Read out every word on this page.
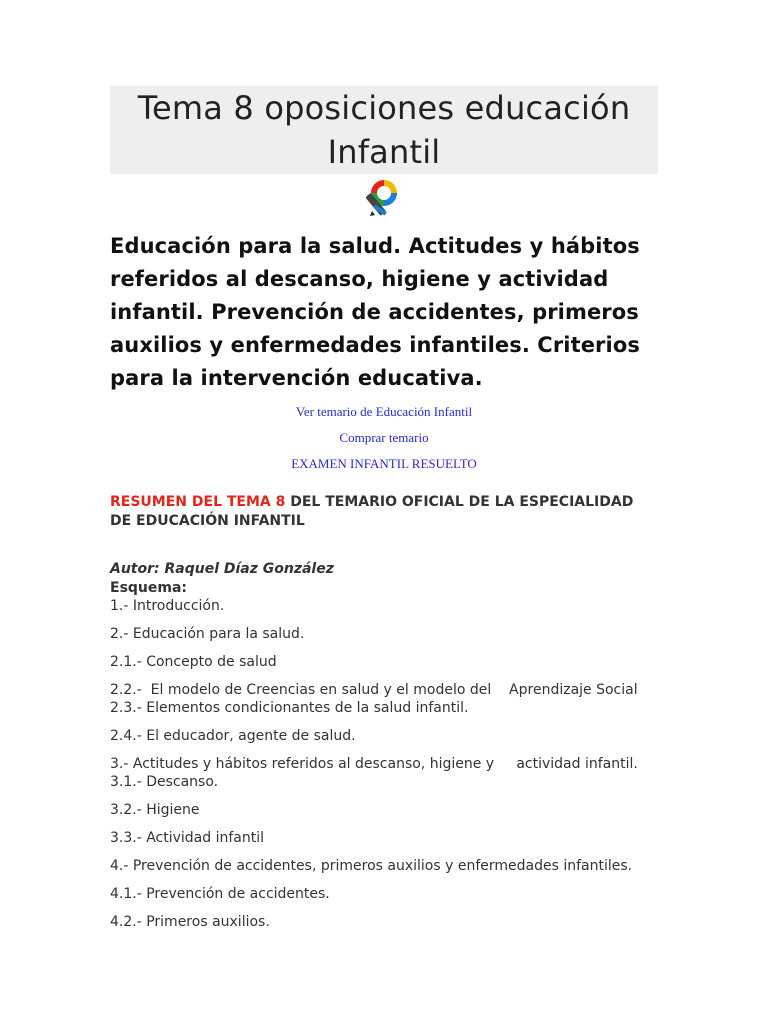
Tema 8 oposiciones educación Infantil
Educación para la salud. Actitudes y hábitos referidos al descanso, higiene y actividad infantil. Prevención de accidentes, primeros auxilios y enfermedades infantiles. Criterios para la intervención educativa.
Ver temario de Educación Infantil
Comprar temario
EXAMEN INFANTIL RESUELTO
RESUMEN DEL TEMA 8 DEL TEMARIO OFICIAL DE LA ESPECIALIDAD DE EDUCACIÓN INFANTIL
Autor: Raquel Díaz González
Esquema:
1.- Introducción.
2.- Educación para la salud.
2.1.- Concepto de salud
2.2.-  El modelo de Creencias en salud y el modelo del    Aprendizaje Social
2.3.- Elementos condicionantes de la salud infantil.
2.4.- El educador, agente de salud.
3.- Actitudes y hábitos referidos al descanso, higiene y     actividad infantil.
3.1.- Descanso.
3.2.- Higiene
3.3.- Actividad infantil
4.- Prevención de accidentes, primeros auxilios y enfermedades infantiles.
4.1.- Prevención de accidentes.
4.2.- Primeros auxilios.
